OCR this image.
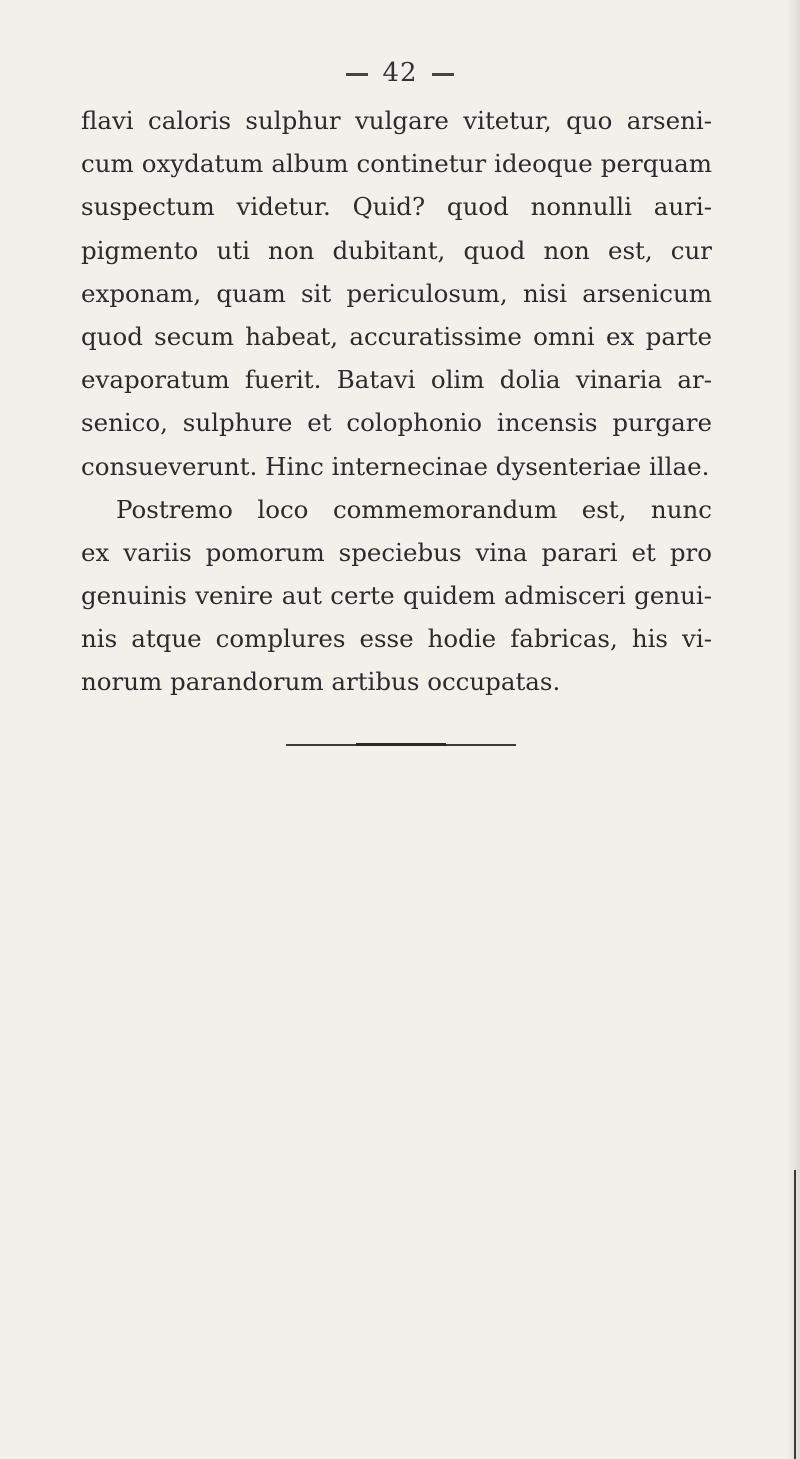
42
flavi caloris sulphur vulgare vitetur, quo arseni-
cum oxydatum album continetur ideoque perquam
suspectum videtur. Quid? quod nonnulli auri-
pigmento uti non dubitant, quod non est, cur
exponam, quam sit periculosum, nisi arsenicum
quod secum habeat, accuratissime omni ex parte
evaporatum fuerit. Batavi olim dolia vinaria ar-
senico, sulphure et colophonio incensis purgare
consueverunt. Hinc internecinae dysenteriae illae.
Postremo loco commemorandum est, nunc
ex variis pomorum speciebus vina parari et pro
genuinis venire aut certe quidem admisceri genui-
nis atque complures esse hodie fabricas, his vi-
norum parandorum artibus occupatas.
